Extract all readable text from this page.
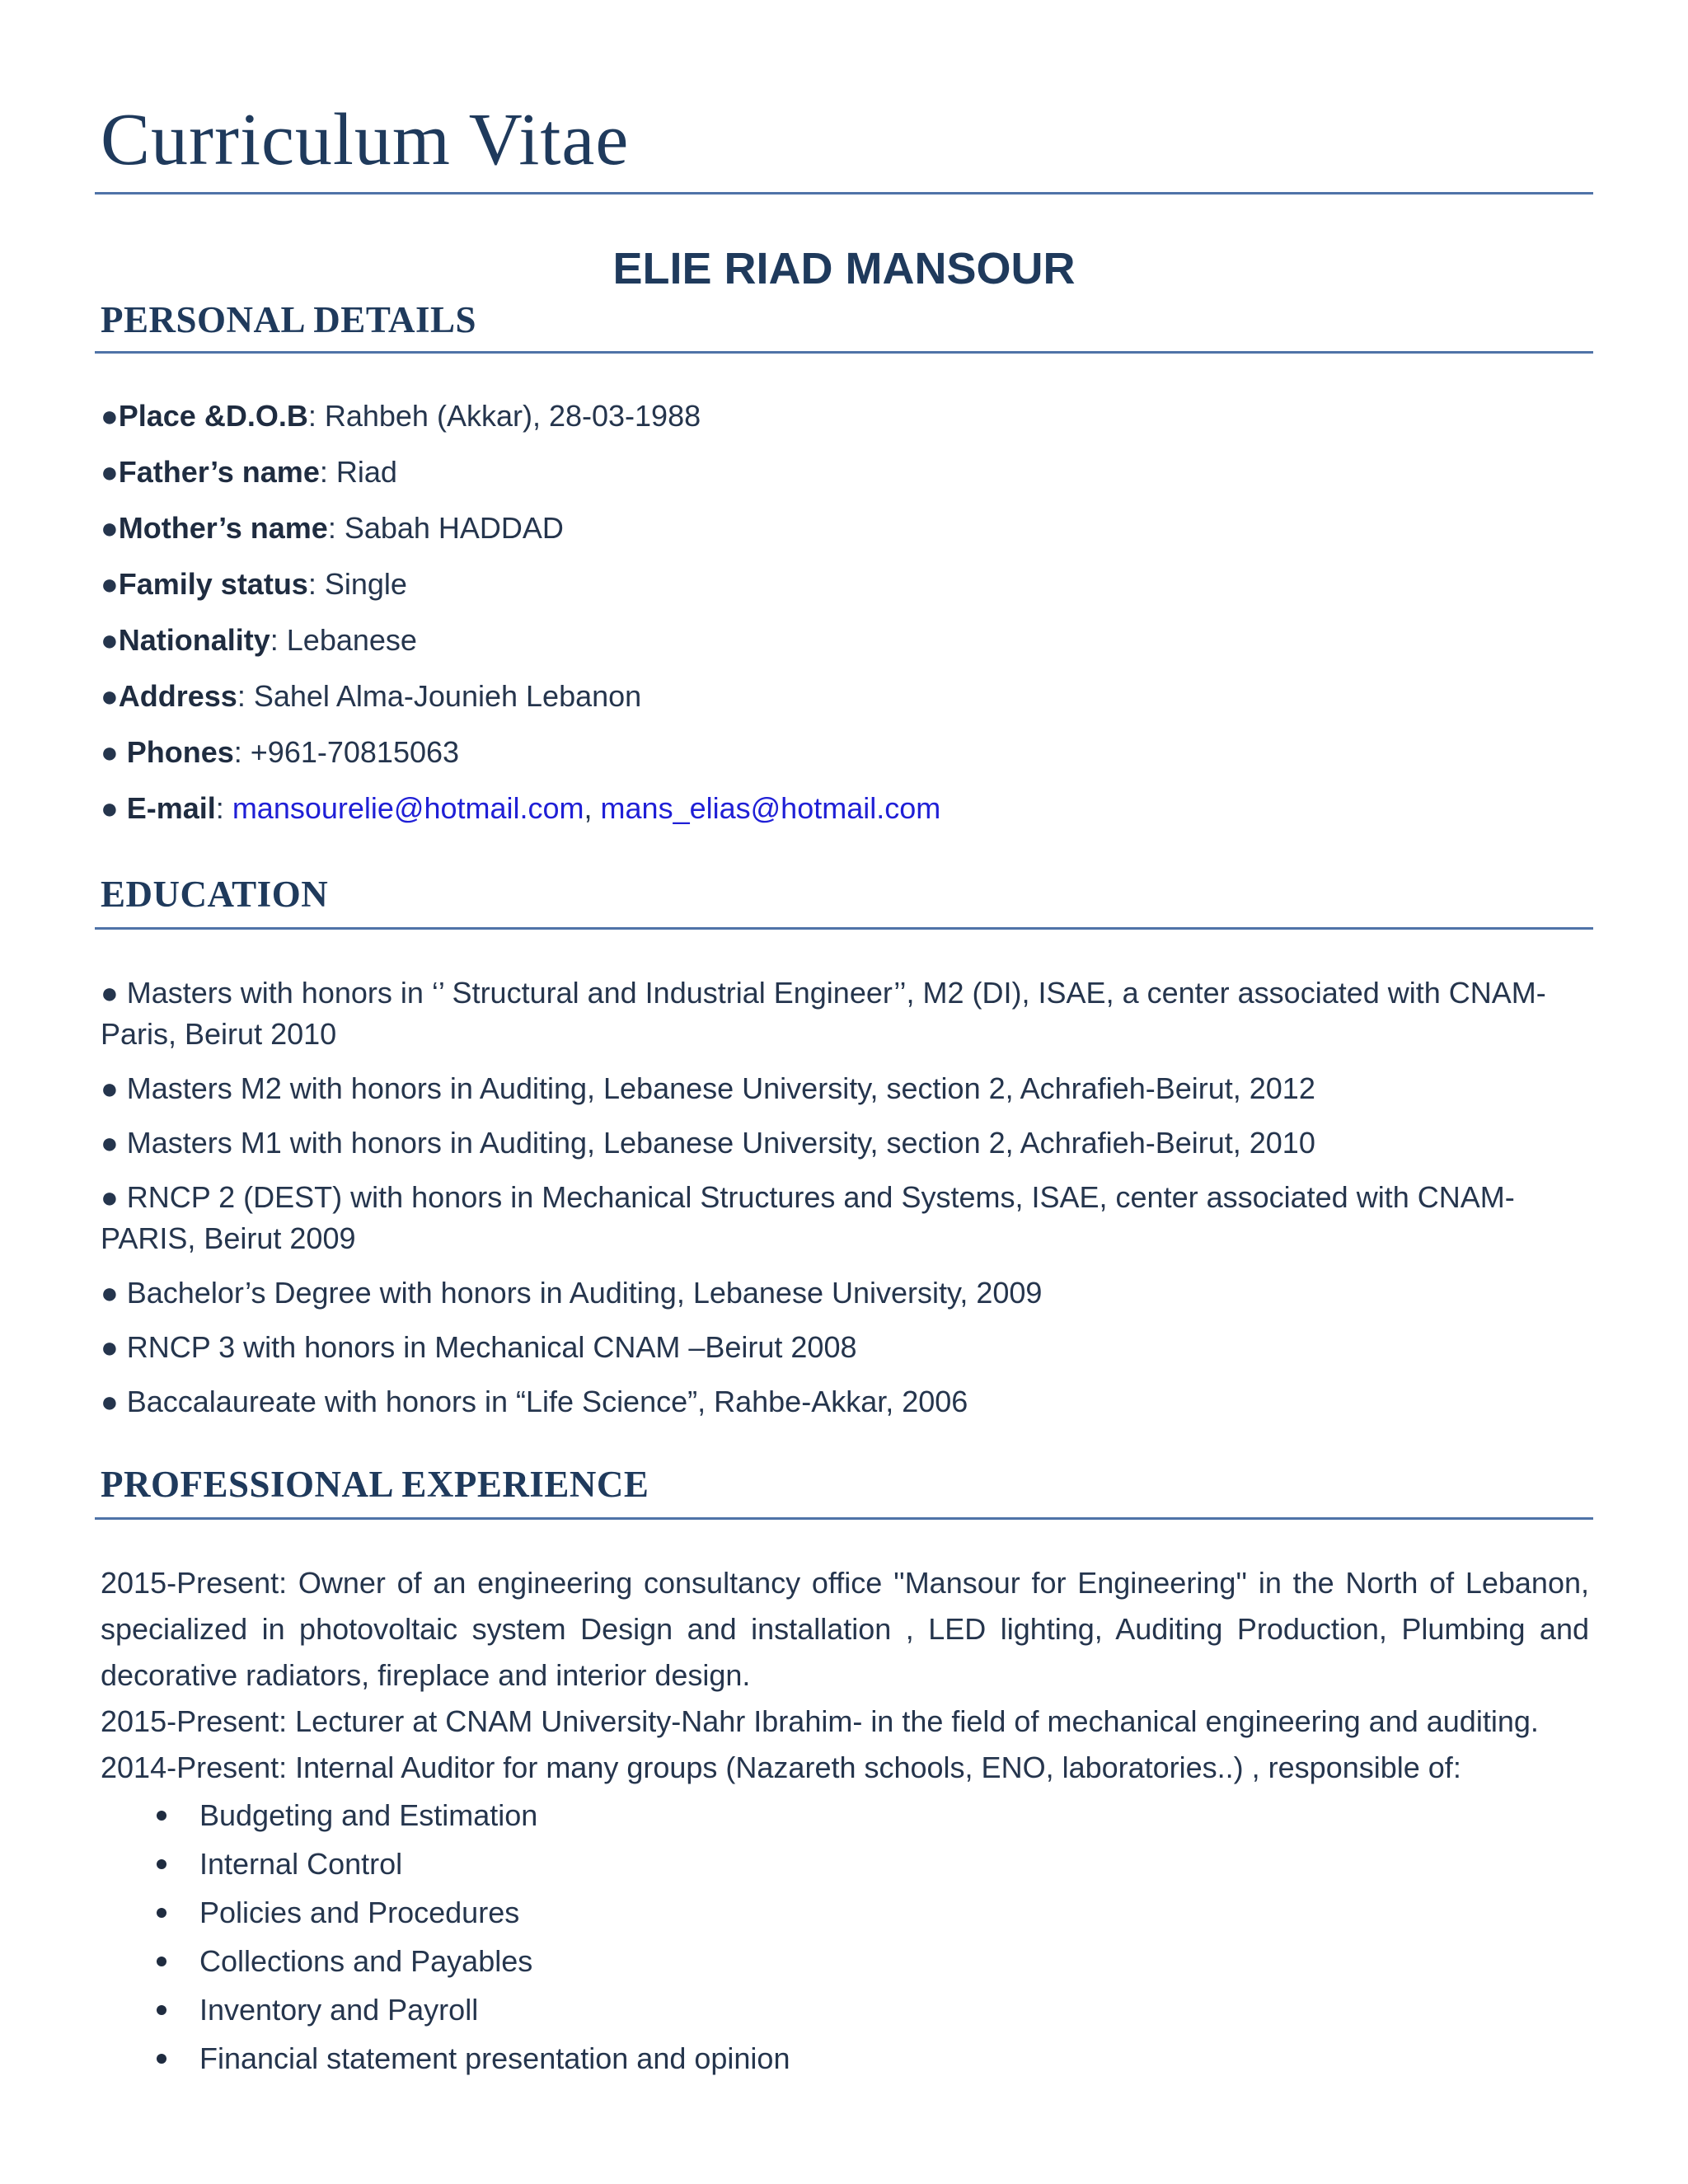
Curriculum Vitae
ELIE RIAD MANSOUR
PERSONAL DETAILS
●Place &D.O.B: Rahbeh (Akkar), 28-03-1988
●Father’s name: Riad
●Mother’s name: Sabah HADDAD
●Family status: Single
●Nationality: Lebanese
●Address: Sahel Alma-Jounieh Lebanon
● Phones: +961-70815063
● E-mail: mansourelie@hotmail.com, mans_elias@hotmail.com
EDUCATION
● Masters with honors in ‘’ Structural and Industrial Engineer’’, M2 (DI), ISAE, a center associated with CNAM-Paris, Beirut 2010
● Masters M2 with honors in Auditing, Lebanese University, section 2, Achrafieh-Beirut, 2012
● Masters M1 with honors in Auditing, Lebanese University, section 2, Achrafieh-Beirut, 2010
● RNCP 2 (DEST) with honors in Mechanical Structures and Systems, ISAE, center associated with CNAM-PARIS, Beirut 2009
● Bachelor’s Degree with honors in Auditing, Lebanese University, 2009
● RNCP 3 with honors in Mechanical CNAM –Beirut 2008
● Baccalaureate with honors in “Life Science”, Rahbe-Akkar, 2006
PROFESSIONAL EXPERIENCE

2015-Present: Owner of an engineering consultancy office ''Mansour for Engineering'' in the North of Lebanon, specialized in photovoltaic system Design and installation , LED lighting, Auditing Production, Plumbing and decorative radiators, fireplace and interior design.

2015-Present: Lecturer at CNAM University-Nahr Ibrahim- in the field of mechanical engineering and auditing.

2014-Present: Internal Auditor for many groups (Nazareth schools, ENO, laboratories..) , responsible of:

Budgeting and Estimation
Internal Control
Policies and Procedures
Collections and Payables
Inventory and Payroll
Financial statement presentation and opinion
